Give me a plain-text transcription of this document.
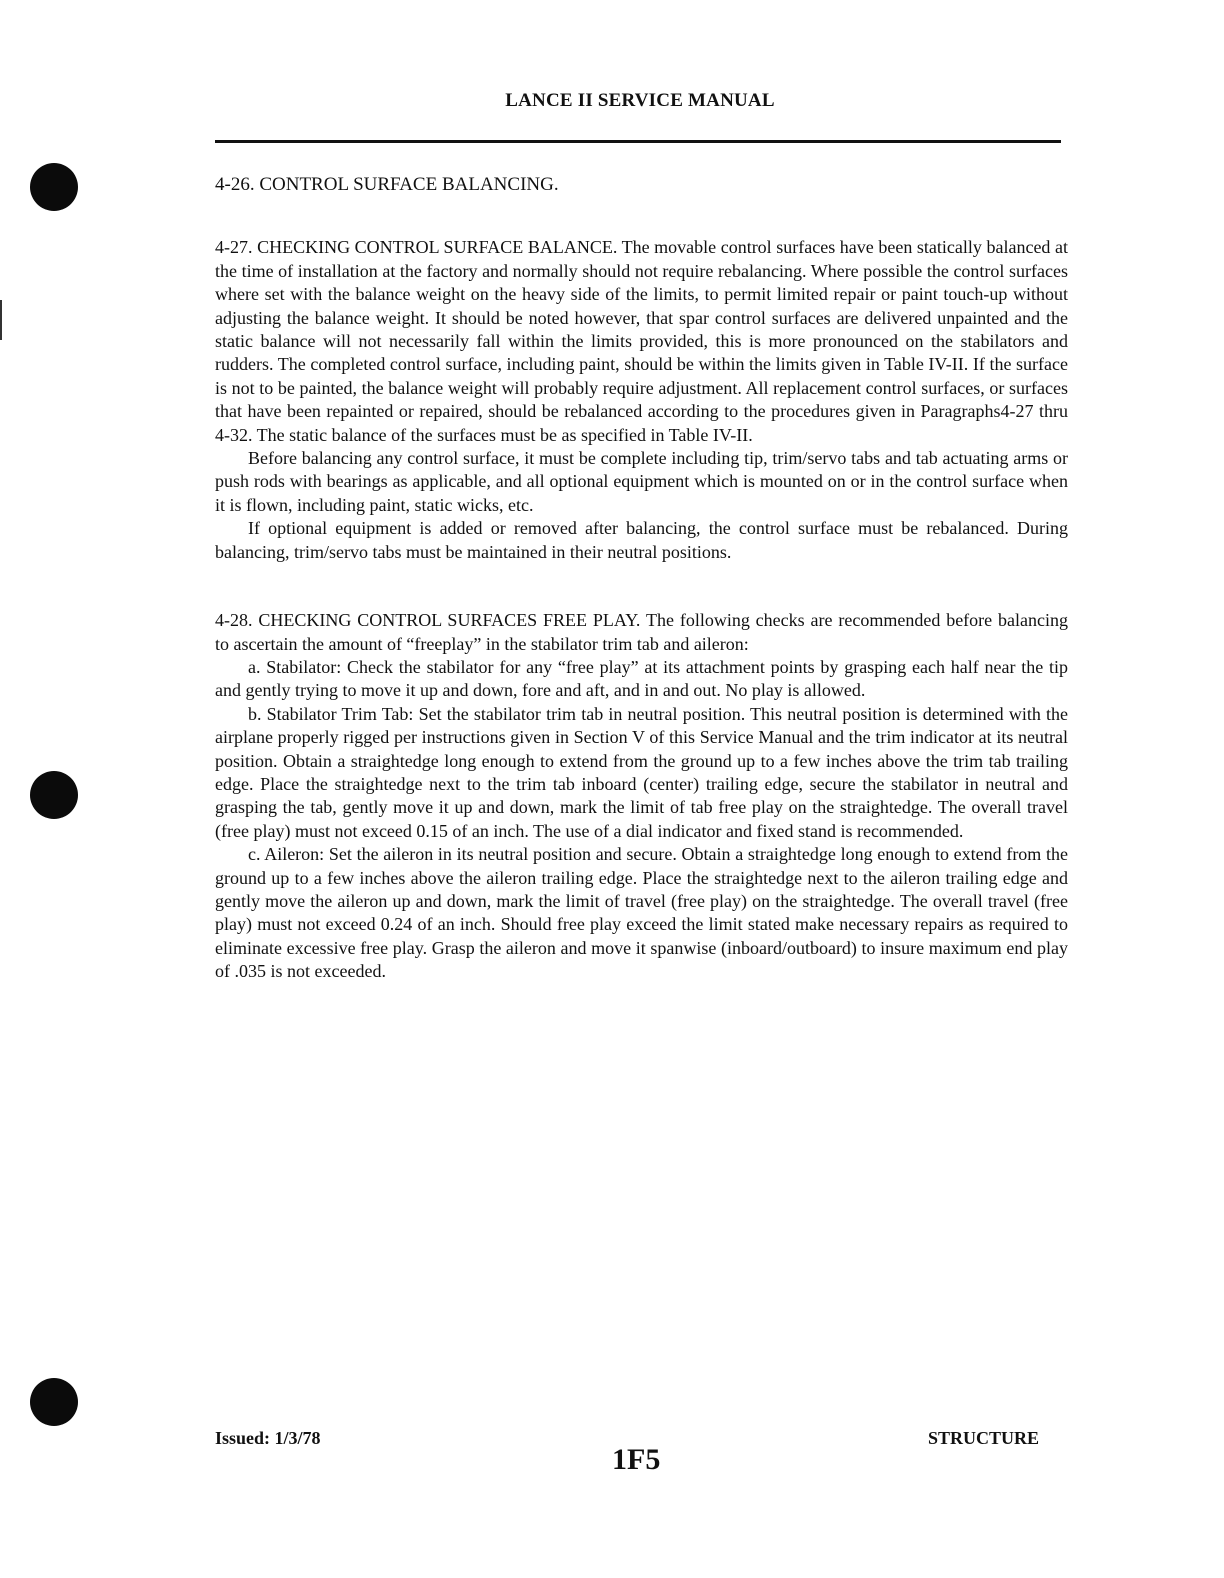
LANCE II SERVICE MANUAL

4-26. CONTROL SURFACE BALANCING.

4-27. CHECKING CONTROL SURFACE BALANCE. The movable control surfaces have been statically balanced at the time of installation at the factory and normally should not require rebalancing. Where possible the control surfaces where set with the balance weight on the heavy side of the limits, to permit limited repair or paint touch-up without adjusting the balance weight. It should be noted however, that spar control surfaces are delivered unpainted and the static balance will not necessarily fall within the limits provided, this is more pronounced on the stabilators and rudders. The completed control surface, including paint, should be within the limits given in Table IV-II. If the surface is not to be painted, the balance weight will probably require adjustment. All replacement control surfaces, or surfaces that have been repainted or repaired, should be rebalanced according to the procedures given in Paragraphs4-27 thru 4-32. The static balance of the surfaces must be as specified in Table IV-II.

Before balancing any control surface, it must be complete including tip, trim/servo tabs and tab actuating arms or push rods with bearings as applicable, and all optional equipment which is mounted on or in the control surface when it is flown, including paint, static wicks, etc.

If optional equipment is added or removed after balancing, the control surface must be rebalanced. During balancing, trim/servo tabs must be maintained in their neutral positions.

4-28. CHECKING CONTROL SURFACES FREE PLAY. The following checks are recommended before balancing to ascertain the amount of “freeplay” in the stabilator trim tab and aileron:

a. Stabilator: Check the stabilator for any “free play” at its attachment points by grasping each half near the tip and gently trying to move it up and down, fore and aft, and in and out. No play is allowed.

b. Stabilator Trim Tab: Set the stabilator trim tab in neutral position. This neutral position is determined with the airplane properly rigged per instructions given in Section V of this Service Manual and the trim indicator at its neutral position. Obtain a straightedge long enough to extend from the ground up to a few inches above the trim tab trailing edge. Place the straightedge next to the trim tab inboard (center) trailing edge, secure the stabilator in neutral and grasping the tab, gently move it up and down, mark the limit of tab free play on the straightedge. The overall travel (free play) must not exceed 0.15 of an inch. The use of a dial indicator and fixed stand is recommended.

c. Aileron: Set the aileron in its neutral position and secure. Obtain a straightedge long enough to extend from the ground up to a few inches above the aileron trailing edge. Place the straightedge next to the aileron trailing edge and gently move the aileron up and down, mark the limit of travel (free play) on the straightedge. The overall travel (free play) must not exceed 0.24 of an inch. Should free play exceed the limit stated make necessary repairs as required to eliminate excessive free play. Grasp the aileron and move it spanwise (inboard/outboard) to insure maximum end play of .035 is not exceeded.

Issued: 1/3/78
1F5
STRUCTURE
